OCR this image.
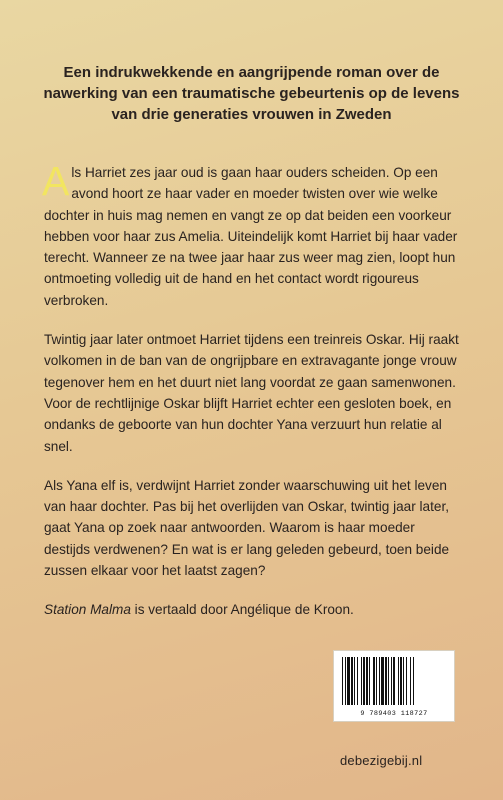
Een indrukwekkende en aangrijpende roman over de nawerking van een traumatische gebeurtenis op de levens van drie generaties vrouwen in Zweden

Als Harriet zes jaar oud is gaan haar ouders scheiden. Op een avond hoort ze haar vader en moeder twisten over wie welke dochter in huis mag nemen en vangt ze op dat beiden een voorkeur hebben voor haar zus Amelia. Uiteindelijk komt Harriet bij haar vader terecht. Wanneer ze na twee jaar haar zus weer mag zien, loopt hun ontmoeting volledig uit de hand en het contact wordt rigoureus verbroken.

Twintig jaar later ontmoet Harriet tijdens een treinreis Oskar. Hij raakt volkomen in de ban van de ongrijpbare en extravagante jonge vrouw tegenover hem en het duurt niet lang voordat ze gaan samenwonen. Voor de rechtlijnige Oskar blijft Harriet echter een gesloten boek, en ondanks de geboorte van hun dochter Yana verzuurt hun relatie al snel.

Als Yana elf is, verdwijnt Harriet zonder waarschuwing uit het leven van haar dochter. Pas bij het overlijden van Oskar, twintig jaar later, gaat Yana op zoek naar antwoorden. Waarom is haar moeder destijds verdwenen? En wat is er lang geleden gebeurd, toen beide zussen elkaar voor het laatst zagen?

Station Malma is vertaald door Angélique de Kroon.

9 789403 118727
debezigebij.nl
